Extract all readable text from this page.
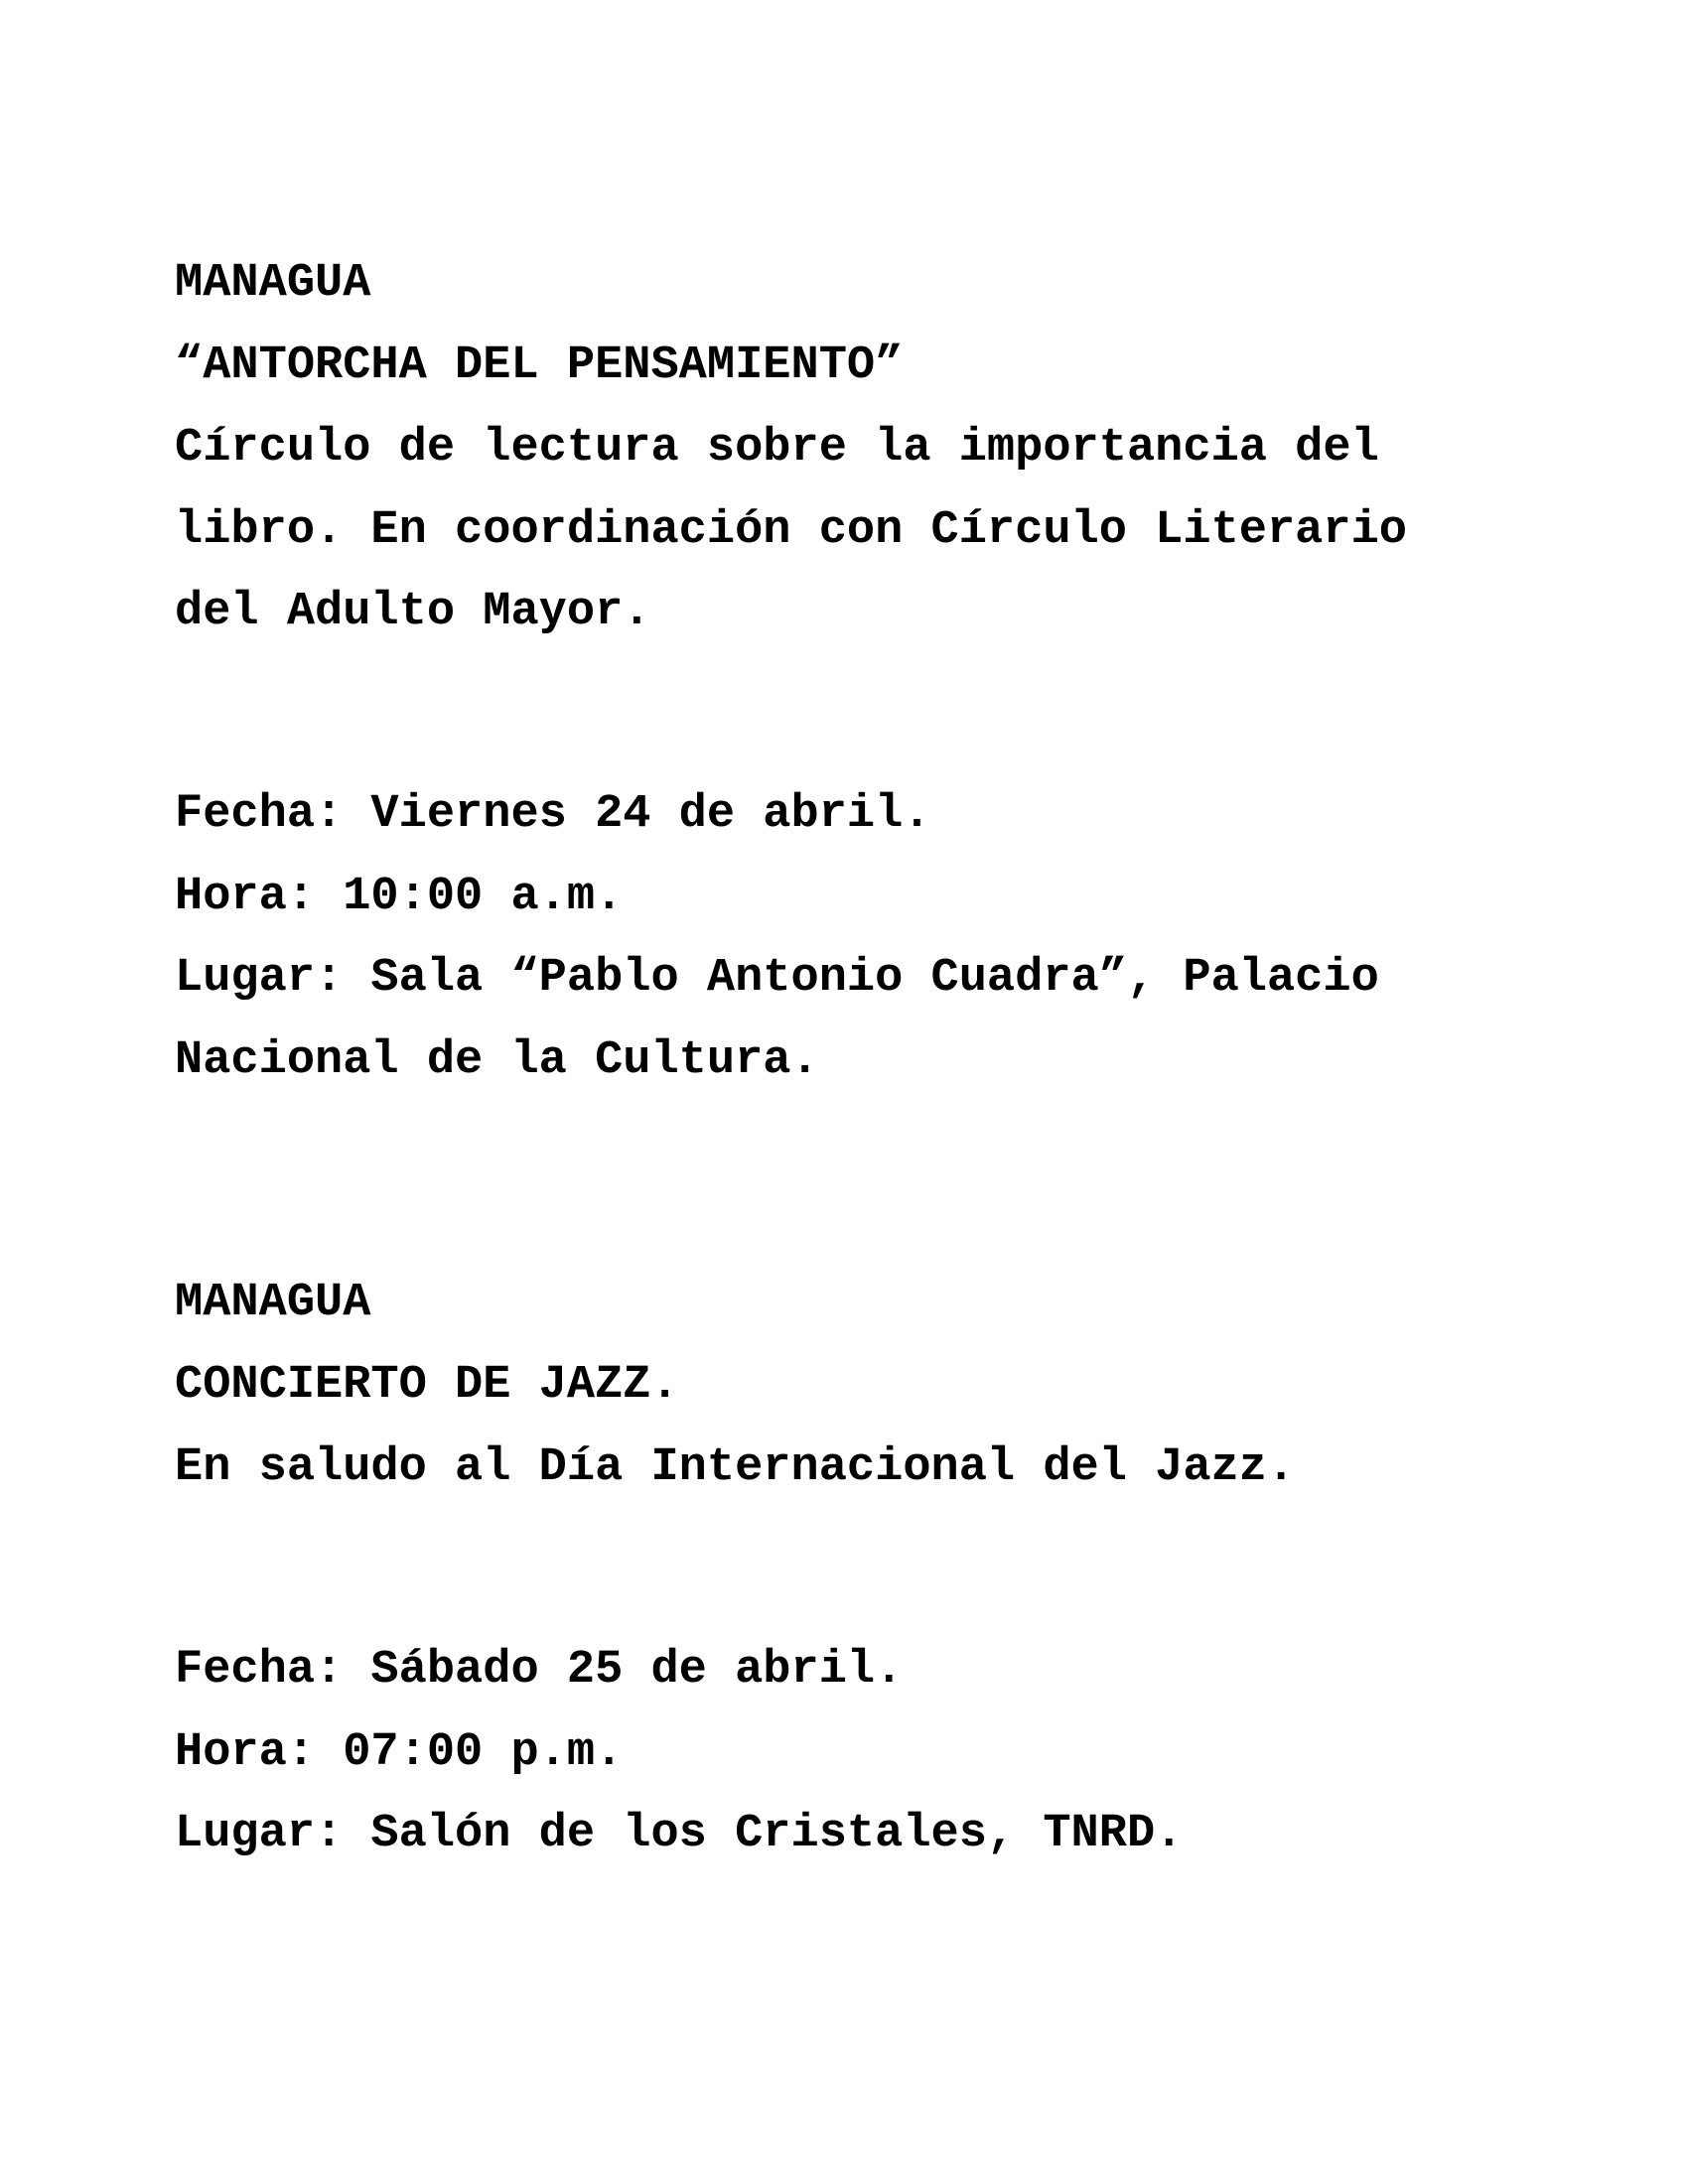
MANAGUA
“ANTORCHA DEL PENSAMIENTO”
Círculo de lectura sobre la importancia del
libro. En coordinación con Círculo Literario
del Adulto Mayor.
Fecha: Viernes 24 de abril.
Hora: 10:00 a.m.
Lugar: Sala “Pablo Antonio Cuadra”, Palacio
Nacional de la Cultura.
MANAGUA
CONCIERTO DE JAZZ.
En saludo al Día Internacional del Jazz.
Fecha: Sábado 25 de abril.
Hora: 07:00 p.m.
Lugar: Salón de los Cristales, TNRD.
